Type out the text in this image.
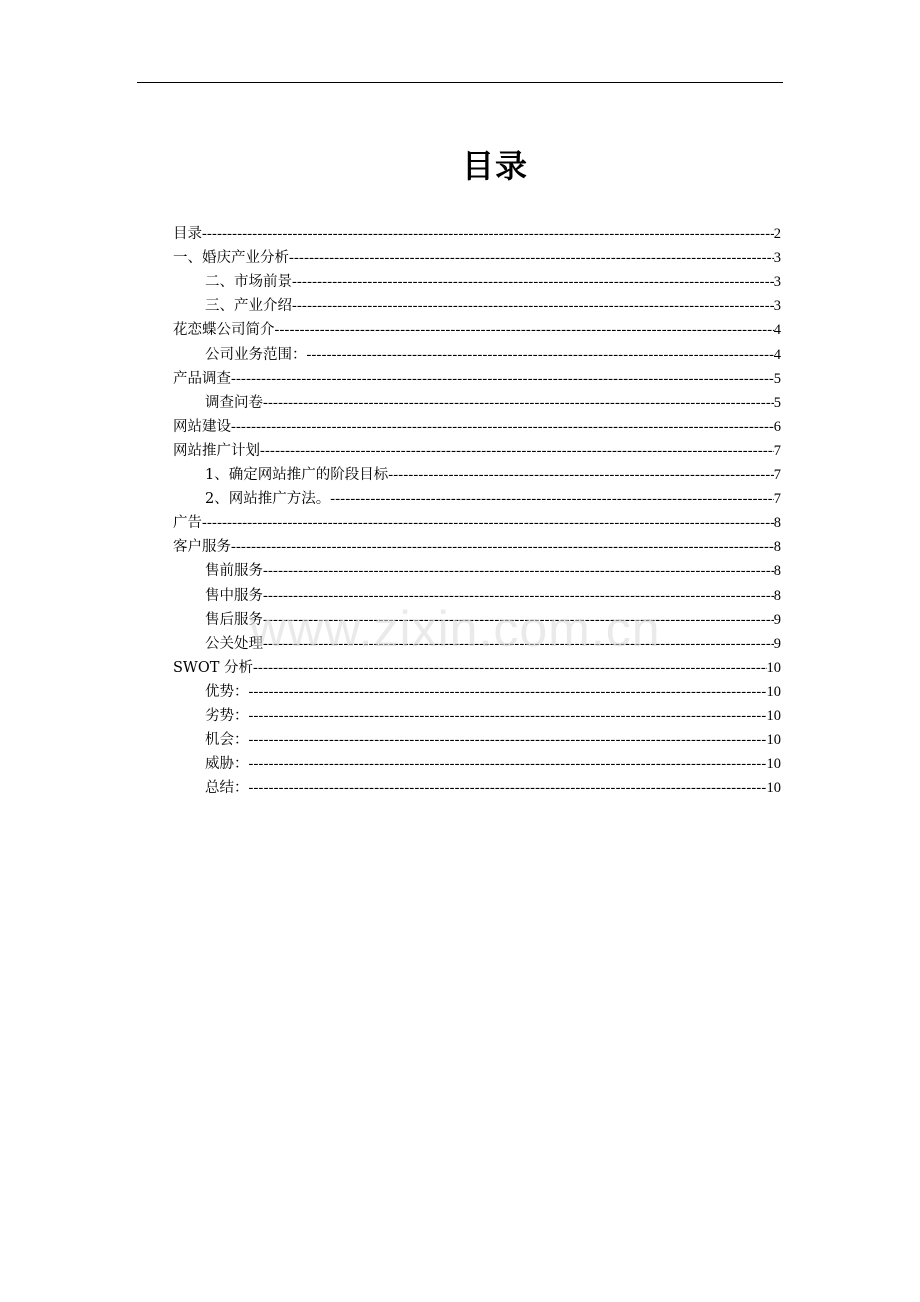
目录
目录 -----	2
一、婚庆产业分析 -----	3
二、市场前景 -----	3
三、产业介绍 -----	3
花恋蝶公司简介 -----	4
公司业务范围： -----	4
产品调查 -----	5
调查问卷 -----	5
网站建设 -----	6
网站推广计划 -----	7
1、确定网站推广的阶段目标 -----	7
2、网站推广方法。 -----	7
广告 -----	8
客户服务 -----	8
售前服务 -----	8
售中服务 -----	8
售后服务 -----	9
公关处理 -----	9
SWOT 分析 -----	10
优势： -----	10
劣势： -----	10
机会： -----	10
威胁： -----	10
总结： -----	10
www.zixin.com.cn
